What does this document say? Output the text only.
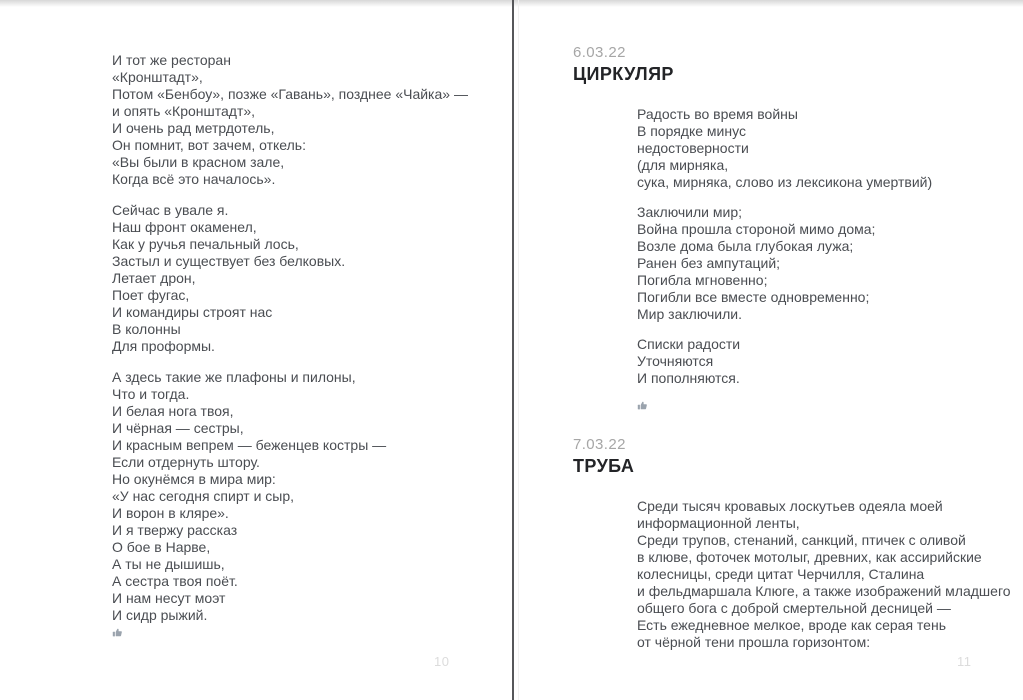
И тот же ресторан
«Кронштадт»,
Потом «Бенбоу», позже «Гавань», позднее «Чайка» —
и опять «Кронштадт»,
И очень рад метрдотель,
Он помнит, вот зачем, откель:
«Вы были в красном зале,
Когда всё это началось».
Сейчас в увале я.
Наш фронт окаменел,
Как у ручья печальный лось,
Застыл и существует без белковых.
Летает дрон,
Поет фугас,
И командиры строят нас
В колонны
Для проформы.
А здесь такие же плафоны и пилоны,
Что и тогда.
И белая нога твоя,
И чёрная — сестры,
И красным вепрем — беженцев костры —
Если отдернуть штору.
Но окунёмся в мира мир:
«У нас сегодня спирт и сыр,
И ворон в кляре».
И я твержу рассказ
О бое в Нарве,
А ты не дышишь,
А сестра твоя поёт.
И нам несут моэт
И сидр рыжий.
10
6.03.22
ЦИРКУЛЯР
Радость во время войны
В порядке минус
недостоверности
(для мирняка,
сука, мирняка, слово из лексикона умертвий)
Заключили мир;
Война прошла стороной мимо дома;
Возле дома была глубокая лужа;
Ранен без ампутаций;
Погибла мгновенно;
Погибли все вместе одновременно;
Мир заключили.
Списки радости
Уточняются
И пополняются.
7.03.22
ТРУБА
Среди тысяч кровавых лоскутьев одеяла моей
информационной ленты,
Среди трупов, стенаний, санкций, птичек с оливой
в клюве, фоточек мотолыг, древних, как ассирийские
колесницы, среди цитат Черчилля, Сталина
и фельдмаршала Клюге, а также изображений младшего
общего бога с доброй смертельной десницей —
Есть ежедневное мелкое, вроде как серая тень
от чёрной тени прошла горизонтом:
11
